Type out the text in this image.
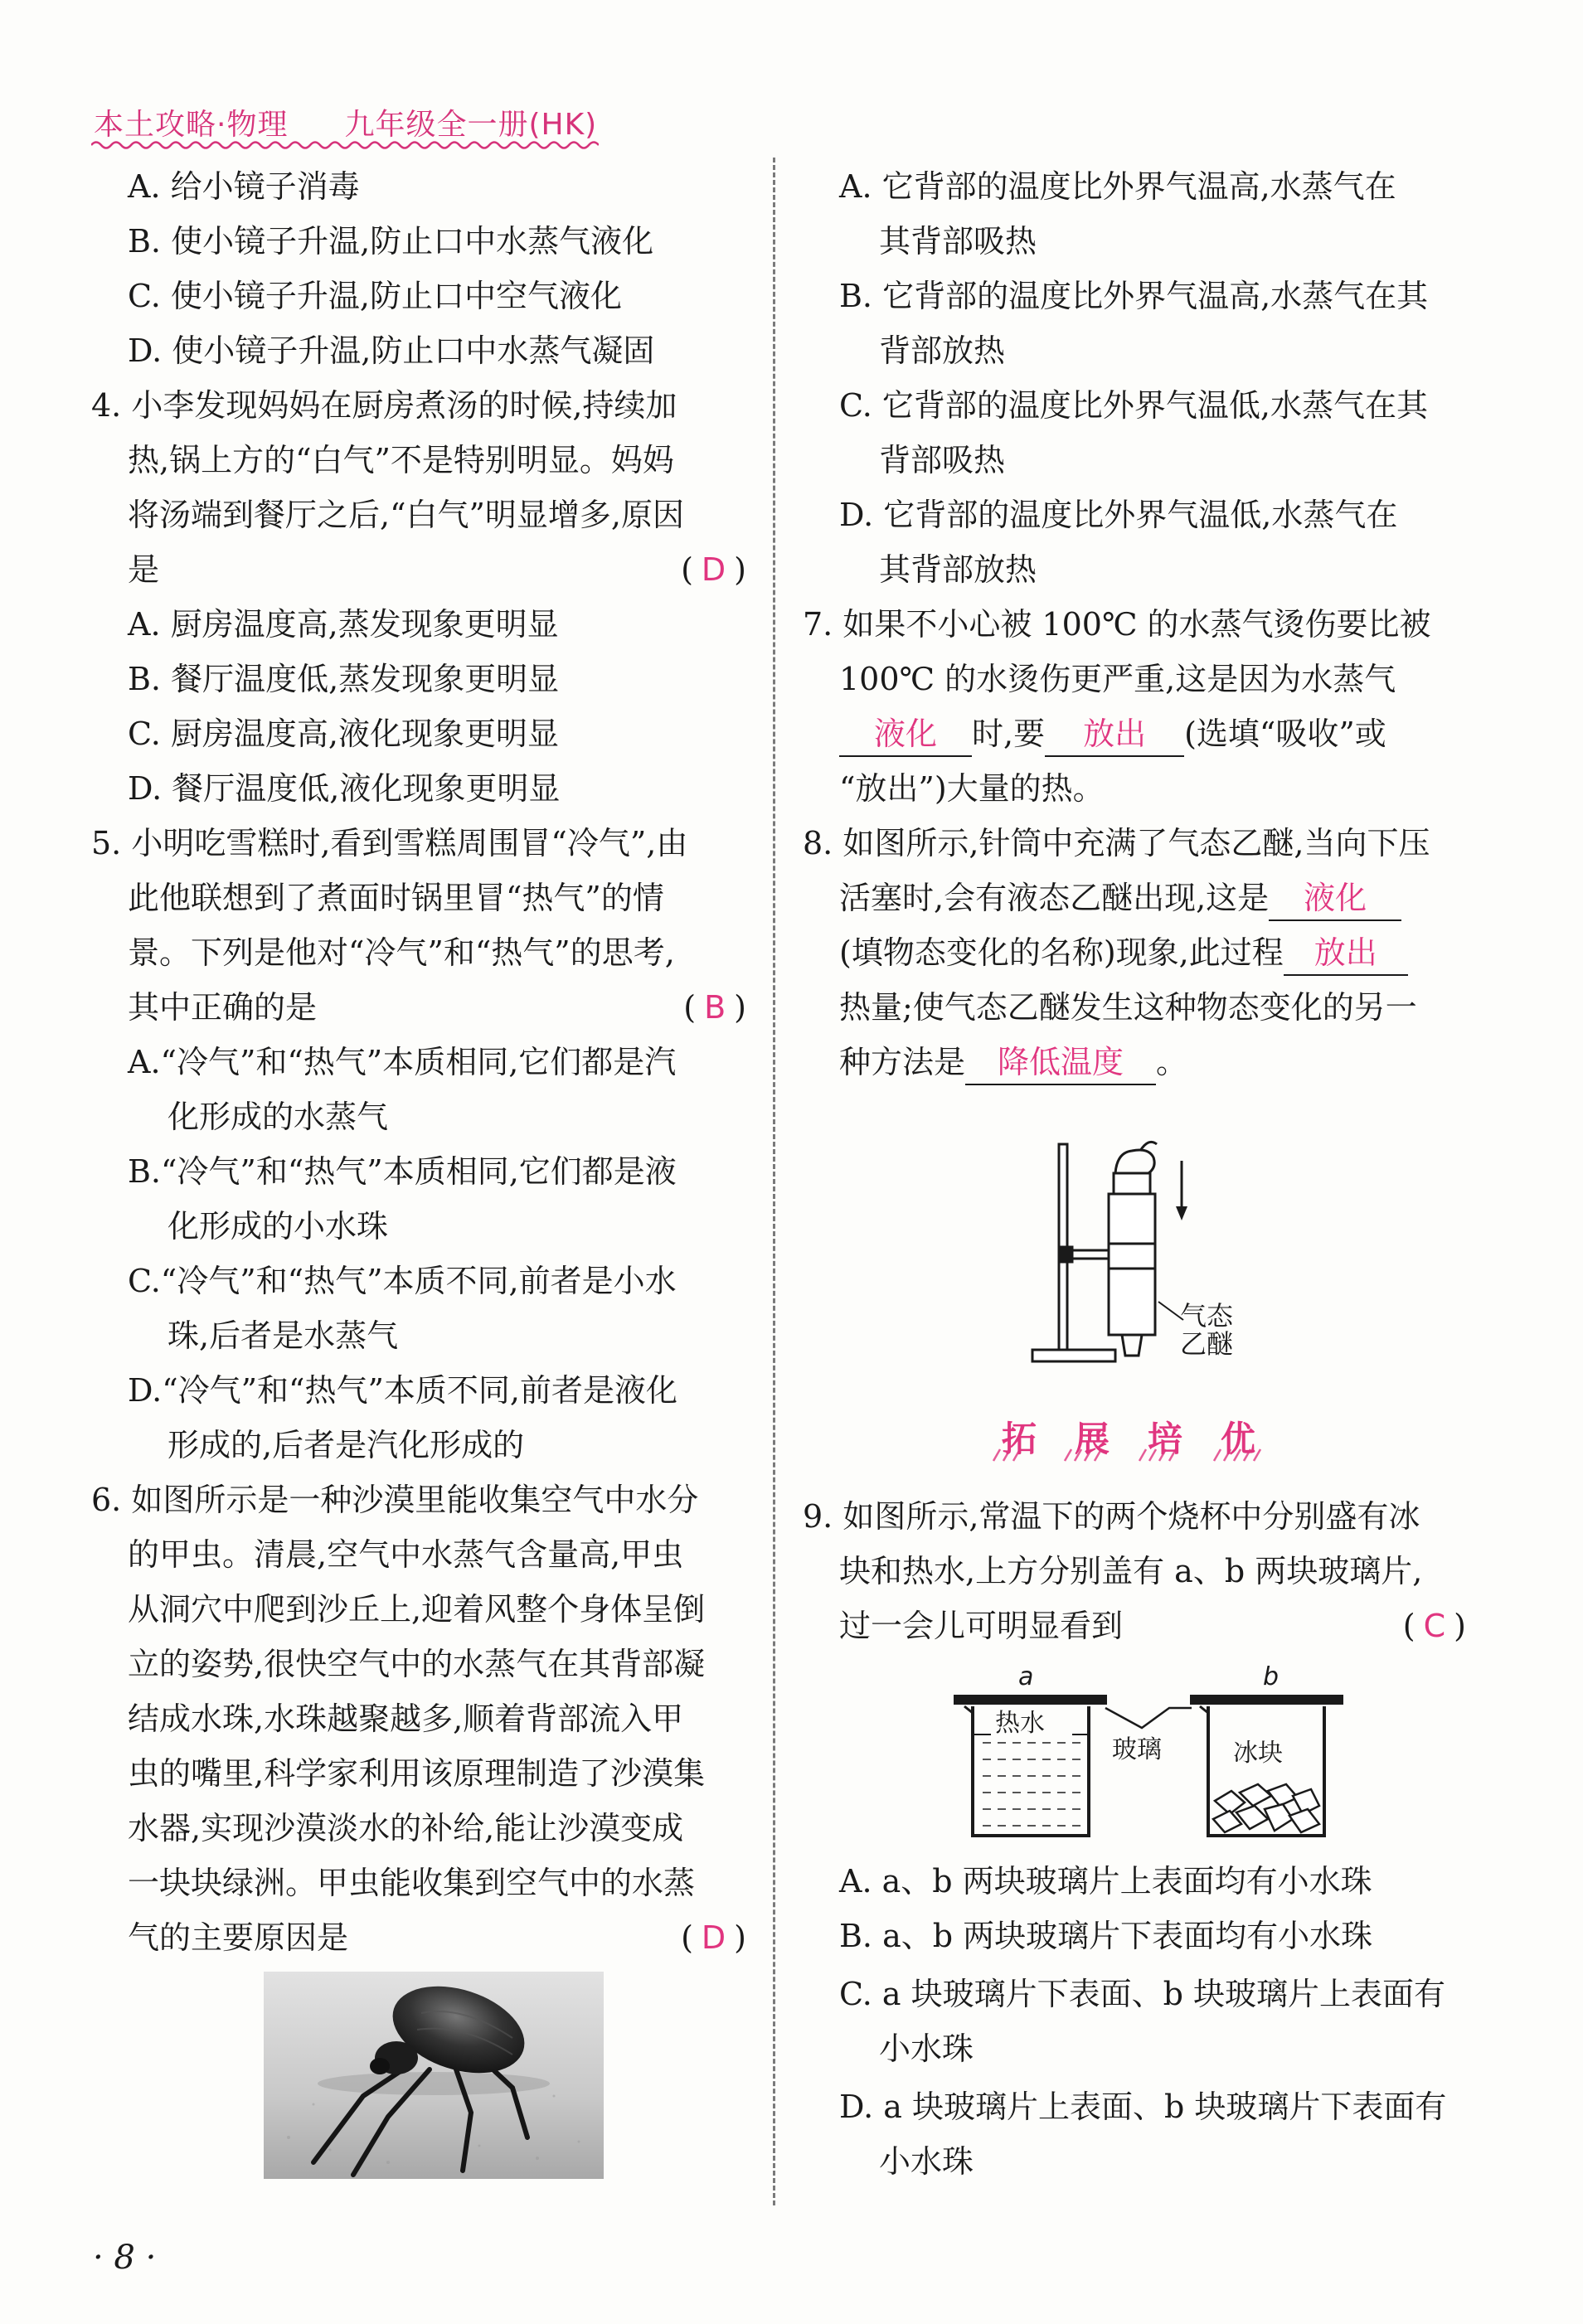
本土攻略·物理 九年级全一册(HK)
A. 给小镜子消毒
B. 使小镜子升温,防止口中水蒸气液化
C. 使小镜子升温,防止口中空气液化
D. 使小镜子升温,防止口中水蒸气凝固
4. 小李发现妈妈在厨房煮汤的时候,持续加
热,锅上方的“白气”不是特别明显。妈妈
将汤端到餐厅之后,“白气”明显增多,原因
是	( D )
A. 厨房温度高,蒸发现象更明显
B. 餐厅温度低,蒸发现象更明显
C. 厨房温度高,液化现象更明显
D. 餐厅温度低,液化现象更明显
5. 小明吃雪糕时,看到雪糕周围冒“冷气”,由
此他联想到了煮面时锅里冒“热气”的情
景。下列是他对“冷气”和“热气”的思考,
其中正确的是	( B )
A.“冷气”和“热气”本质相同,它们都是汽
化形成的水蒸气
B.“冷气”和“热气”本质相同,它们都是液
化形成的小水珠
C.“冷气”和“热气”本质不同,前者是小水
珠,后者是水蒸气
D.“冷气”和“热气”本质不同,前者是液化
形成的,后者是汽化形成的
6. 如图所示是一种沙漠里能收集空气中水分
的甲虫。清晨,空气中水蒸气含量高,甲虫
从洞穴中爬到沙丘上,迎着风整个身体呈倒
立的姿势,很快空气中的水蒸气在其背部凝
结成水珠,水珠越聚越多,顺着背部流入甲
虫的嘴里,科学家利用该原理制造了沙漠集
水器,实现沙漠淡水的补给,能让沙漠变成
一块块绿洲。甲虫能收集到空气中的水蒸
气的主要原因是	( D )
A. 它背部的温度比外界气温高,水蒸气在
其背部吸热
B. 它背部的温度比外界气温高,水蒸气在其
背部放热
C. 它背部的温度比外界气温低,水蒸气在其
背部吸热
D. 它背部的温度比外界气温低,水蒸气在
其背部放热
7. 如果不小心被 100℃ 的水蒸气烫伤要比被
100℃ 的水烫伤更严重,这是因为水蒸气
液化 时,要 放出 (选填“吸收”或
“放出”)大量的热。
8. 如图所示,针筒中充满了气态乙醚,当向下压
活塞时,会有液态乙醚出现,这是 液化
(填物态变化的名称)现象,此过程 放出
热量;使气态乙醚发生这种物态变化的另一
种方法是 降低温度 。
9. 如图所示,常温下的两个烧杯中分别盛有冰
块和热水,上方分别盖有 a、b 两块玻璃片,
过一会儿可明显看到	( C )
A. a、b 两块玻璃片上表面均有小水珠
B. a、b 两块玻璃片下表面均有小水珠
C. a 块玻璃片下表面、b 块玻璃片上表面有
小水珠
D. a 块玻璃片上表面、b 块玻璃片下表面有
小水珠
气态
乙醚
拓 展 培 优
a	b
热水
玻璃	冰块
· 8 ·
